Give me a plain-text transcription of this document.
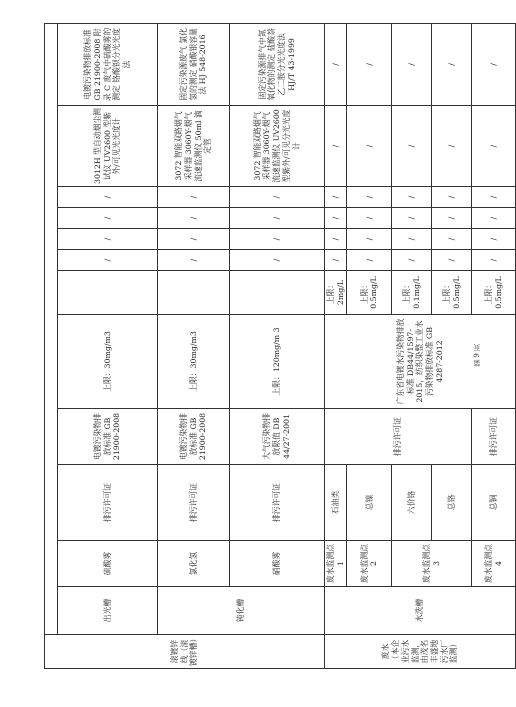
滚镀锌线（滚镀锌槽）												
	出光槽	硫酸雾	排污许可证	电镀污染物排放标准 GB 21900-2008	上限：30mg/m3		/	/	/	/	3012H 型自动烟尘测试仪 UV2600 型紫外/可见光光度计	电镀污染物排放标准 GB 21900-2008 附录 C 废气中硫酸雾的测定 铬酸钡分光光度法
	钝化槽	氯化氢	排污许可证	电镀污染物排放标准 GB 21900-2008	上限：30mg/m3		/	/	/	/	3072 智能双路烟气采样器 3060Y-烟气流速监测仪 50ml 滴定管	固定污染源废气 氯化氢的测定 硝酸银容量法 HJ 548-2016
		硝酸雾	排污许可证	大气污染物排放限值 DB 44/27-2001	上限：120mg/m 3		/	/	/	/	3072 智能双路烟气采样器 3060Y-烟气流速监测仪 UV2600 型紫外/可见分光光度计	固定污染源排气中氮氧化物的测定 盐酸萘乙二胺分光光度法 HJ/T 43-1999
废水（本企业污水监测，由茂名丰盛地污水厂监测）	水洗槽	废水监测点 1	石油类	排污许可证	广东省电镀水污染物排放标准 DB44/1597-2015，纺织染整工业水污染物排放标准 GB 4287-2012	上限：2mg/L	/	/	/	/	/	/
		废水监测点 2	总镍			上限：0.5mg/L	/	/	/	/	/	/
		废水监测点 3	六价铬			上限：0.1mg/L	/	/	/	/	/	/
			总铬			上限：0.5mg/L	/	/	/	/	/	/
		废水监测点 4	总铜	排污许可证		上限：0.5mg/L	/	/	/	/	/	/
第 9 页
